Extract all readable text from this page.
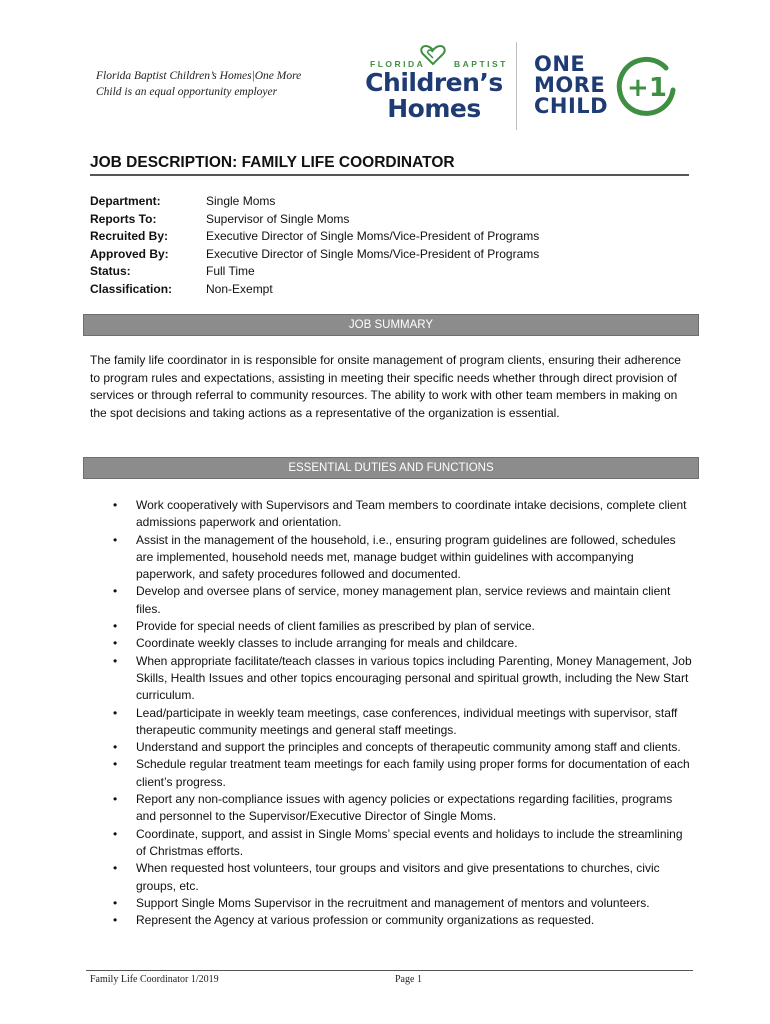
Florida Baptist Children’s Homes|One More Child is an equal opportunity employer
FLORIDA	BAPTIST
Children’s
Homes
ONE
MORE
CHILD
+1
JOB DESCRIPTION: FAMILY LIFE COORDINATOR
Department:	Single Moms
Reports To:	Supervisor of Single Moms
Recruited By:	Executive Director of Single Moms/Vice-President of Programs
Approved By:	Executive Director of Single Moms/Vice-President of Programs
Status:	Full Time
Classification:	Non-Exempt
JOB SUMMARY
The family life coordinator in is responsible for onsite management of program clients, ensuring their adherence to program rules and expectations, assisting in meeting their specific needs whether through direct provision of services or through referral to community resources. The ability to work with other team members in making on the spot decisions and taking actions as a representative of the organization is essential.
ESSENTIAL DUTIES AND FUNCTIONS
• Work cooperatively with Supervisors and Team members to coordinate intake decisions, complete client admissions paperwork and orientation.
• Assist in the management of the household, i.e., ensuring program guidelines are followed, schedules are implemented, household needs met, manage budget within guidelines with accompanying paperwork, and safety procedures followed and documented.
• Develop and oversee plans of service, money management plan, service reviews and maintain client files.
• Provide for special needs of client families as prescribed by plan of service.
• Coordinate weekly classes to include arranging for meals and childcare.
• When appropriate facilitate/teach classes in various topics including Parenting, Money Management, Job Skills, Health Issues and other topics encouraging personal and spiritual growth, including the New Start curriculum.
• Lead/participate in weekly team meetings, case conferences, individual meetings with supervisor, staff therapeutic community meetings and general staff meetings.
• Understand and support the principles and concepts of therapeutic community among staff and clients.
• Schedule regular treatment team meetings for each family using proper forms for documentation of each client’s progress.
• Report any non-compliance issues with agency policies or expectations regarding facilities, programs and personnel to the Supervisor/Executive Director of Single Moms.
• Coordinate, support, and assist in Single Moms’ special events and holidays to include the streamlining of Christmas efforts.
• When requested host volunteers, tour groups and visitors and give presentations to churches, civic groups, etc.
• Support Single Moms Supervisor in the recruitment and management of mentors and volunteers.
• Represent the Agency at various profession or community organizations as requested.
Family Life Coordinator 1/2019	Page 1
